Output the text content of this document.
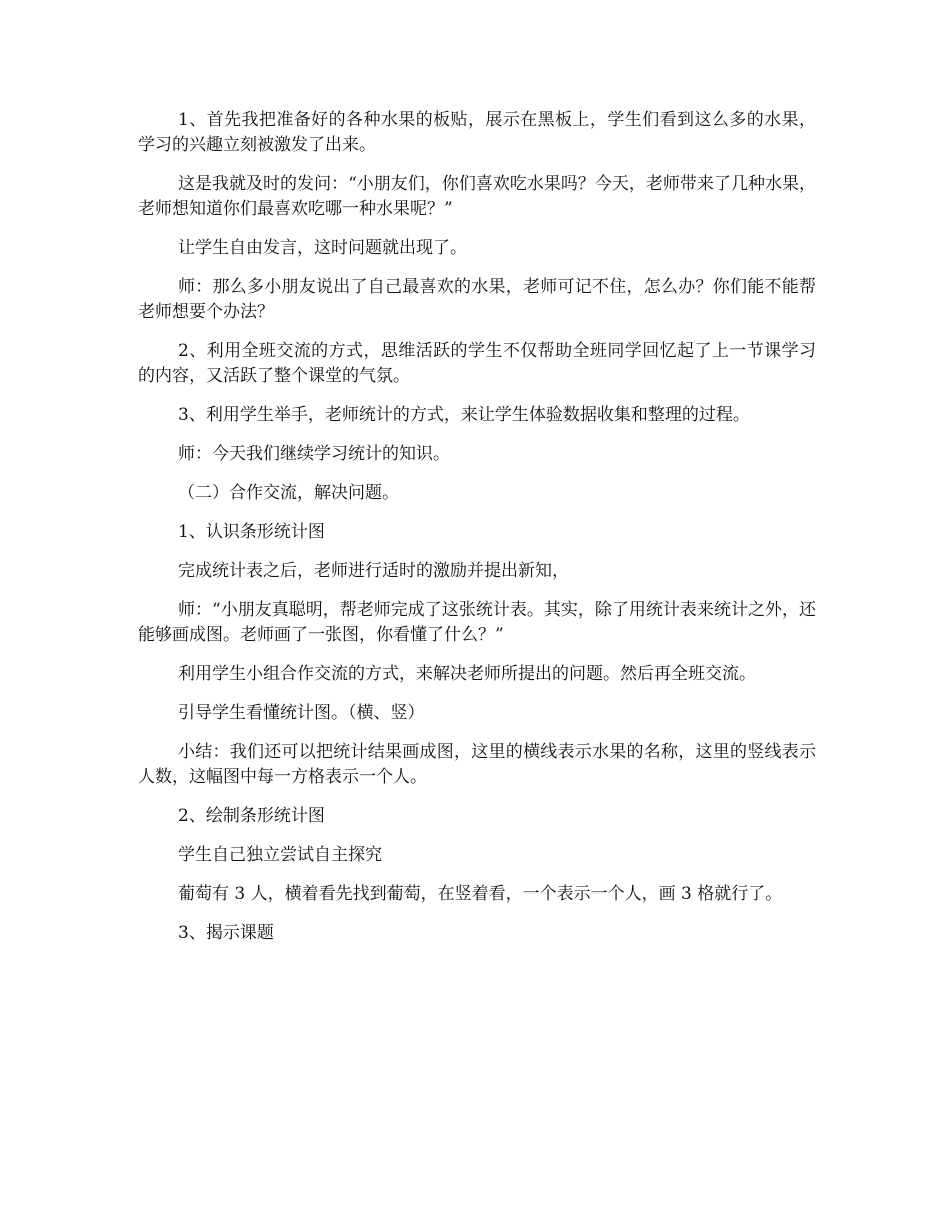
1、首先我把准备好的各种水果的板贴，展示在黑板上，学生们看到这么多的水果，学习的兴趣立刻被激发了出来。

这是我就及时的发问：“小朋友们，你们喜欢吃水果吗？今天，老师带来了几种水果，老师想知道你们最喜欢吃哪一种水果呢？”

让学生自由发言，这时问题就出现了。

师：那么多小朋友说出了自己最喜欢的水果，老师可记不住，怎么办？你们能不能帮老师想要个办法？

2、利用全班交流的方式，思维活跃的学生不仅帮助全班同学回忆起了上一节课学习的内容，又活跃了整个课堂的气氛。

3、利用学生举手，老师统计的方式，来让学生体验数据收集和整理的过程。

师：今天我们继续学习统计的知识。

（二）合作交流，解决问题。

1、认识条形统计图

完成统计表之后，老师进行适时的激励并提出新知，

师：“小朋友真聪明，帮老师完成了这张统计表。其实，除了用统计表来统计之外，还能够画成图。老师画了一张图，你看懂了什么？”

利用学生小组合作交流的方式，来解决老师所提出的问题。然后再全班交流。

引导学生看懂统计图。（横、竖）

小结：我们还可以把统计结果画成图，这里的横线表示水果的名称，这里的竖线表示人数，这幅图中每一方格表示一个人。

2、绘制条形统计图

学生自己独立尝试自主探究

葡萄有 3 人，横着看先找到葡萄，在竖着看，一个表示一个人，画 3 格就行了。

3、揭示课题
